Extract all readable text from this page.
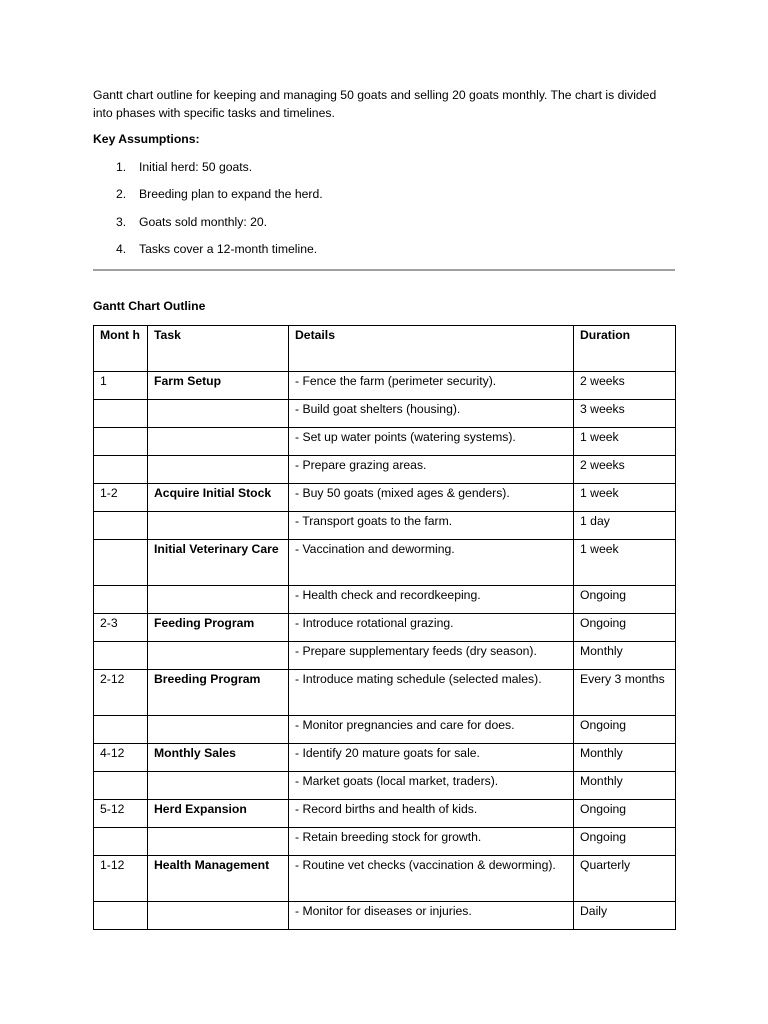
Gantt chart outline for keeping and managing 50 goats and selling 20 goats monthly. The chart is divided into phases with specific tasks and timelines.

Key Assumptions:

1. Initial herd: 50 goats.
2. Breeding plan to expand the herd.
3. Goats sold monthly: 20.
4. Tasks cover a 12-month timeline.

Gantt Chart Outline

Mont h	Task	Details	Duration
1	Farm Setup	- Fence the farm (perimeter security).	2 weeks
		- Build goat shelters (housing).	3 weeks
		- Set up water points (watering systems).	1 week
		- Prepare grazing areas.	2 weeks
1-2	Acquire Initial Stock	- Buy 50 goats (mixed ages & genders).	1 week
		- Transport goats to the farm.	1 day
	Initial Veterinary Care	- Vaccination and deworming.	1 week
		- Health check and recordkeeping.	Ongoing
2-3	Feeding Program	- Introduce rotational grazing.	Ongoing
		- Prepare supplementary feeds (dry season).	Monthly
2-12	Breeding Program	- Introduce mating schedule (selected males).	Every 3 months
		- Monitor pregnancies and care for does.	Ongoing
4-12	Monthly Sales	- Identify 20 mature goats for sale.	Monthly
		- Market goats (local market, traders).	Monthly
5-12	Herd Expansion	- Record births and health of kids.	Ongoing
		- Retain breeding stock for growth.	Ongoing
1-12	Health Management	- Routine vet checks (vaccination & deworming).	Quarterly
		- Monitor for diseases or injuries.	Daily
